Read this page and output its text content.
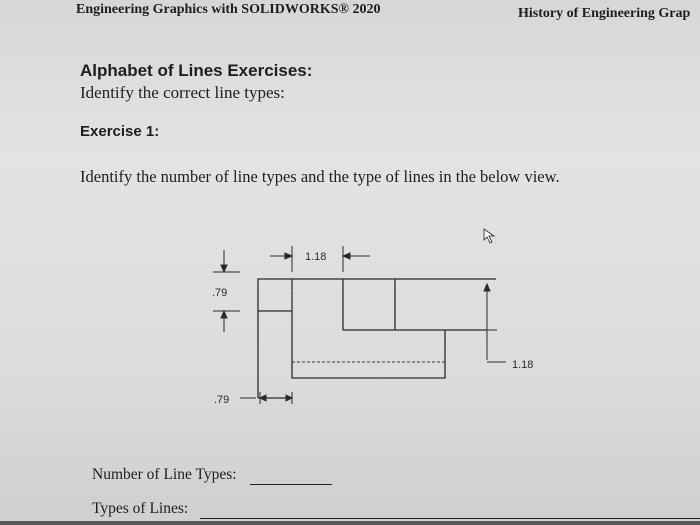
Engineering Graphics with SOLIDWORKS® 2020	History of Engineering Grap
Alphabet of Lines Exercises:
Identify the correct line types:
Exercise 1:
Identify the number of line types and the type of lines in the below view.
1.18
.79
1.18
.79
Number of Line Types:
Types of Lines:
